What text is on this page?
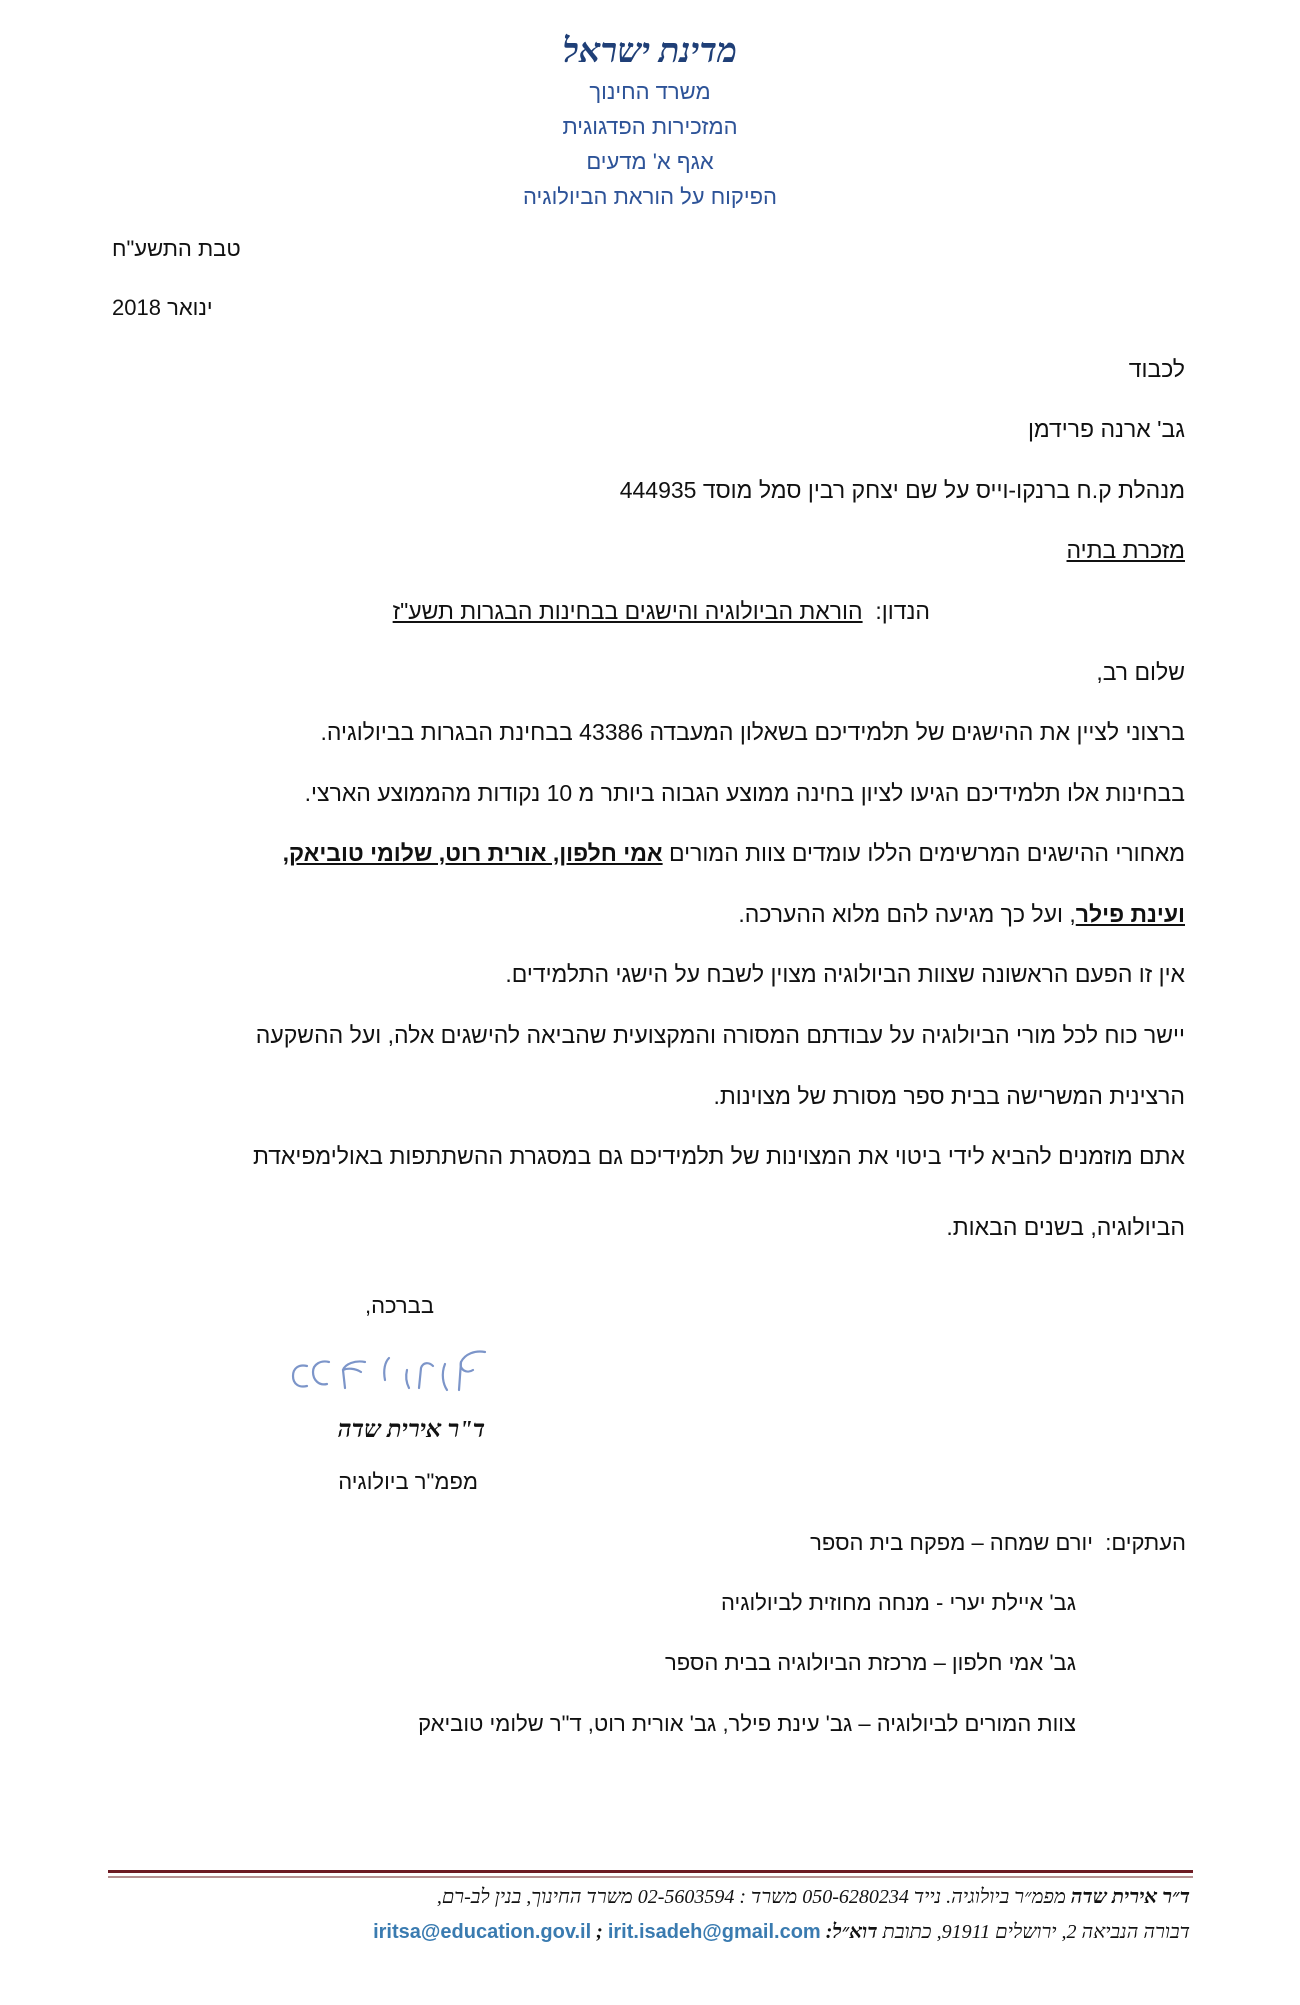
מדינת ישראל
משרד החינוך
המזכירות הפדגוגית
אגף א' מדעים
הפיקוח על הוראת הביולוגיה
טבת התשע"ח
ינואר 2018
לכבוד
גב' ארנה פרידמן
מנהלת ק.ח ברנקו-וייס על שם יצחק רבין סמל מוסד 444935
מזכרת בתיה
הנדון:  הוראת הביולוגיה והישגים בבחינות הבגרות תשע"ז
שלום רב,
ברצוני לציין את ההישגים של תלמידיכם בשאלון המעבדה 43386 בבחינת הבגרות בביולוגיה.
בבחינות אלו תלמידיכם הגיעו לציון בחינה ממוצע הגבוה ביותר מ 10 נקודות מהממוצע הארצי.
מאחורי ההישגים המרשימים הללו עומדים צוות המורים אמי חלפון, אורית רוט, שלומי טוביאק,
ועינת פילר, ועל כך מגיעה להם מלוא ההערכה.
אין זו הפעם הראשונה שצוות הביולוגיה מצוין לשבח על הישגי התלמידים.
יישר כוח לכל מורי הביולוגיה על עבודתם המסורה והמקצועית שהביאה להישגים אלה, ועל ההשקעה
הרצינית המשרישה בבית ספר מסורת של מצוינות.
אתם מוזמנים להביא לידי ביטוי את המצוינות של תלמידיכם גם במסגרת ההשתתפות באולימפיאדת
הביולוגיה, בשנים הבאות.
בברכה,
ד"ר אירית שדה
מפמ"ר ביולוגיה
העתקים:  יורם שמחה – מפקח בית הספר
גב' איילת יערי - מנחה מחוזית לביולוגיה
גב' אמי חלפון – מרכזת הביולוגיה בבית הספר
צוות המורים לביולוגיה – גב' עינת פילר, גב' אורית רוט, ד"ר שלומי טוביאק
ד״ר אירית שדה מפמ״ר ביולוגיה. נייד 050-6280234 משרד : 02-5603594 משרד החינוך, בנין לב-רם,
דבורה הנביאה 2, ירושלים 91911, כתובת דוא״ל: irit.isadeh@gmail.com ; iritsa@education.gov.il
